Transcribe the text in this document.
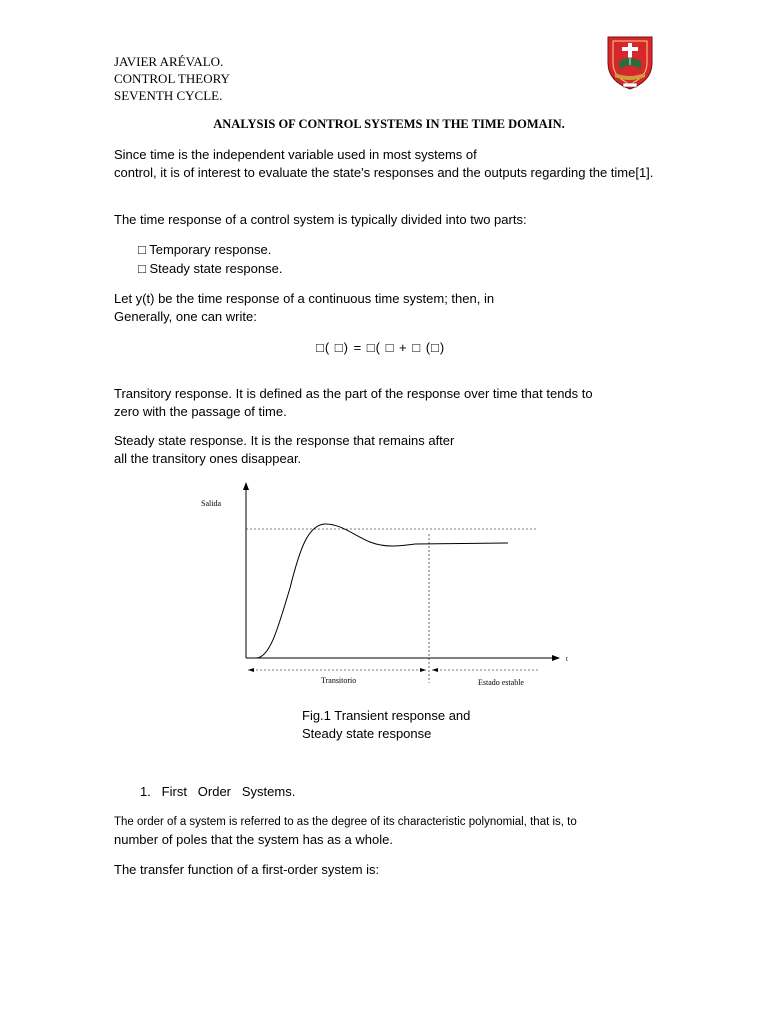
JAVIER ARÉVALO.
CONTROL THEORY
SEVENTH CYCLE.
ANALYSIS OF CONTROL SYSTEMS IN THE TIME DOMAIN.
Since time is the independent variable used in most systems of
control, it is of interest to evaluate the state's responses and the outputs regarding the time[1].
The time response of a control system is typically divided into two parts:
□ Temporary response.
□ Steady state response.
Let y(t) be the time response of a continuous time system; then, in
Generally, one can write:
□( □) = □( □ + □ (□)
Transitory response. It is defined as the part of the response over time that tends to
zero with the passage of time.
Steady state response. It is the response that remains after
all the transitory ones disappear.
Salida
t
Transitorio	Estado estable
Fig.1 Transient response and
Steady state response
1.   First   Order   Systems.
The order of a system is referred to as the degree of its characteristic polynomial, that is, to
number of poles that the system has as a whole.
The transfer function of a first-order system is:
